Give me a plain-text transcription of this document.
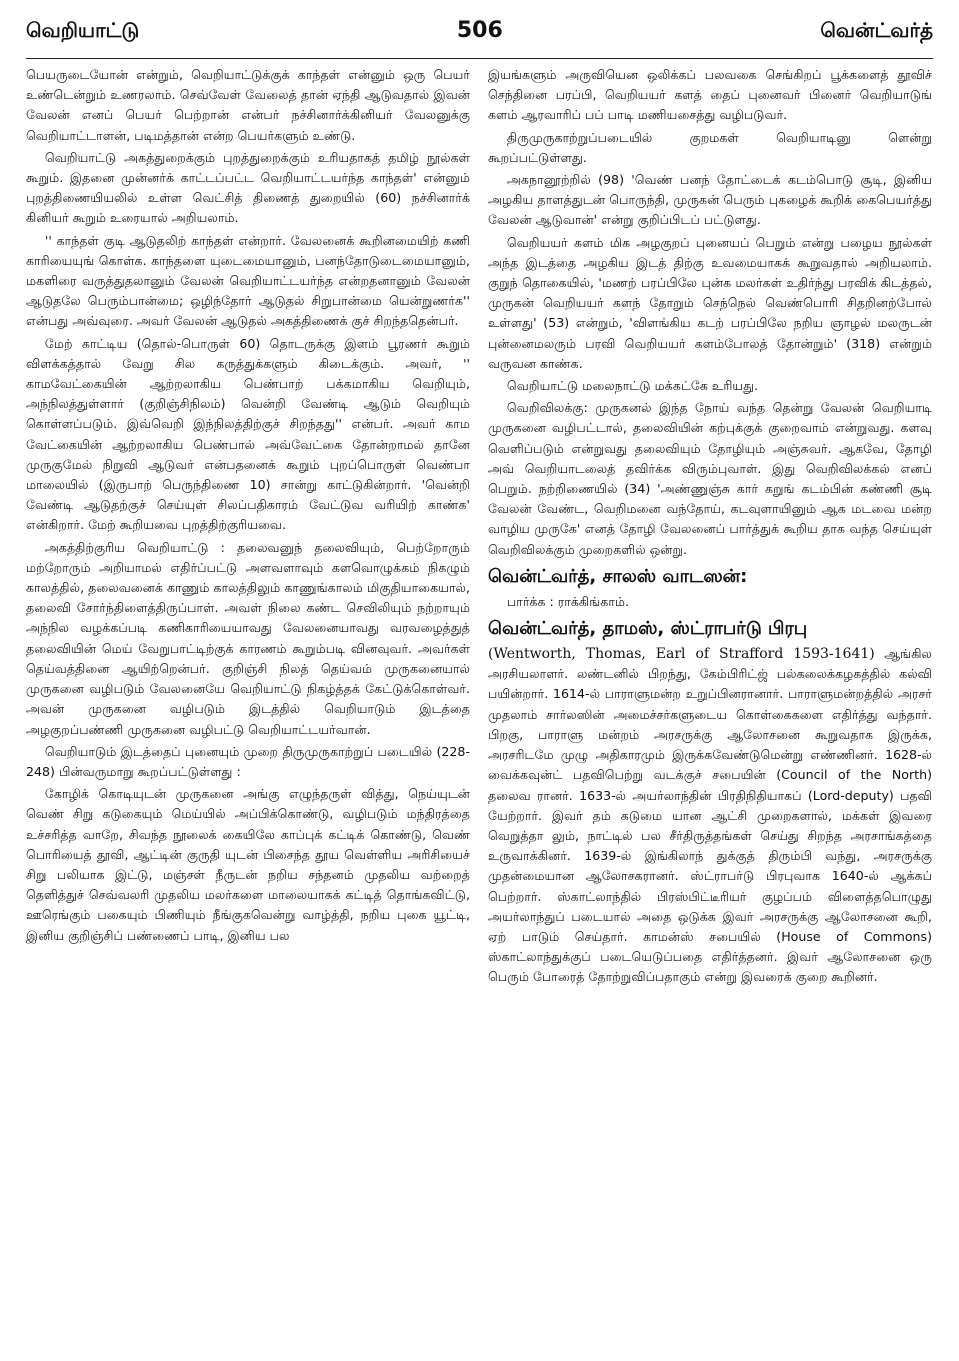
வெறியாட்டு	506	வென்ட்வர்த்

பெயருடையோன் என்றும், வெறியாட்டுக்குக் காந்தள் என்னும் ஒரு பெயர் உண்டென்றும் உணரலாம். செவ்வேள் வேலைத் தான் ஏந்தி ஆடுவதால் இவன் வேலன் எனப் பெயர் பெற்றான் என்பர் நச்சினார்க்கினியர் வேலனுக்கு வெறியாட்டாளன், படிமத்தான் என்ற பெயர்களும் உண்டு.

வெறியாட்டு அகத்துறைக்கும் புறத்துறைக்கும் உரியதாகத் தமிழ் நூல்கள் கூறும். இதனை முன்னர்க் காட்டப்பட்ட வெறியாட்டயர்ந்த காந்தள்' என்னும் புறத்திணையியலில் உள்ள வெட்சித் திணைத் துறையில் (60) நச்சினார்க் கினியர் கூறும் உரையால் அறியலாம்.

'' காந்தள் குடி ஆடுதலிற் காந்தள் என்றார். வேலனைக் கூறினமையிற் கணி காரியையுங் கொள்க. காந்தளை யுடைமையானும், பனந்தோடுடைமையானும், மகளிரை வருத்துதலானும் வேலன் வெறியாட்டயர்ந்த என்றதனானும் வேலன் ஆடுதலே பெரும்பான்மை; ஒழிந்தோர் ஆடுதல் சிறுபான்மை யென்றுணர்க'' என்பது அவ்வுரை. அவர் வேலன் ஆடுதல் அகத்திணைக் குச் சிறந்ததென்பர்.

மேற் காட்டிய (தொல்-பொருள் 60) தொடருக்கு இளம் பூரணர் கூறும் விளக்கத்தால் வேறு சில கருத்துக்களும் கிடைக்கும். அவர், '' காமவேட்கையின் ஆற்றலாகிய பெண்பாற் பக்கமாகிய வெறியும், அந்நிலத்துள்ளார் (குறிஞ்சிநிலம்) வென்றி வேண்டி ஆடும் வெறியும் கொள்ளப்படும். இவ்வெறி இந்நிலத்திற்குச் சிறந்தது'' என்பர். அவர் காம வேட்கையின் ஆற்றலாகிய பெண்பால் அவ்வேட்கை தோன்றாமல் தானே முருகுமேல் நிறுவி ஆடுவர் என்பதனைக் கூறும் புறப்பொருள் வெண்பா மாலையில் (இருபாற் பெருந்திணை 10) சான்று காட்டுகின்றார். 'வென்றி வேண்டி ஆடுதற்குச் செய்யுள் சிலப்பதிகாரம் வேட்டுவ வரியிற் காண்க' என்கிறார். மேற் கூறியவை புறத்திற்குரியவை.

அகத்திற்குரிய வெறியாட்டு : தலைவனுந் தலைவியும், பெற்றோரும் மற்றோரும் அறியாமல் எதிர்ப்பட்டு அளவளாவும் களவொழுக்கம் நிகழும் காலத்தில், தலைவனைக் காணும் காலத்திலும் காணுங்காலம் மிகுதியாகையால், தலைவி சோர்ந்திளைத்திருப்பாள். அவள் நிலை கண்ட செவிலியும் நற்றாயும் அந்நில வழக்கப்படி கணிகாரியையாவது வேலனையாவது வரவழைத்துத் தலைவியின் மெய் வேறுபாட்டிற்குக் காரணம் கூறும்படி வினவுவர். அவர்கள் தெய்வத்தினை ஆயிற்றென்பர். குறிஞ்சி நிலத் தெய்வம் முருகனையால் முருகனை வழிபடும் வேலனையே வெறியாட்டு நிகழ்த்தக் கேட்டுக்கொள்வர். அவன் முருகனை வழிபடும் இடத்தில் வெறியாடும் இடத்தை அழகுறப்பண்ணி முருகனை வழிபட்டு வெறியாட்டயர்வான்.

வெறியாடும் இடத்தைப் புனையும் முறை திருமுருகாற்றுப் படையில் (228-248) பின்வருமாறு கூறப்பட்டுள்ளது :

கோழிக் கொடியுடன் முருகனை அங்கு எழுந்தருள் வித்து, நெய்யுடன் வெண் சிறு கடுகையும் மெய்யில் அப்பிக்கொண்டு, வழிபடும் மந்திரத்தை உச்சரித்த வாறே, சிவந்த நூலைக் கையிலே காப்புக் கட்டிக் கொண்டு, வெண் பொரியைத் தூவி, ஆட்டின் குருதி யுடன் பிசைந்த தூய வெள்ளிய அரிசியைச் சிறு பலியாக இட்டு, மஞ்சள் நீருடன் நறிய சந்தனம் முதலிய வற்றைத் தெளித்துச் செவ்வலரி முதலிய மலர்களை மாலையாகக் கட்டித் தொங்கவிட்டு, ஊரெங்கும் பகையும் பிணியும் நீங்குகவென்று வாழ்த்தி, நறிய புகை யூட்டி, இனிய குறிஞ்சிப் பண்ணைப் பாடி, இனிய பல

இயங்களும் அருவியென ஒலிக்கப் பலவகை செங்கிறப் பூக்களைத் தூவிச் செந்தினை பரப்பி, வெறியயர் களத் தைப் புனைவர் பினைர் வெறியாடுங் களம் ஆரவாரிப் பப் பாடி மணியசைத்து வழிபடுவர்.

திருமுருகாற்றுப்படையில் குறமகள் வெறியாடினு ளென்று கூறப்பட்டுள்ளது.

அகநானூற்றில் (98) 'வெண் பனந் தோட்டைக் கடம்பொடு சூடி, இனிய அழகிய தாளத்துடன் பொருந்தி, முருகன் பெரும் புகழைக் கூறிக் கைபெயர்த்து வேலன் ஆடுவான்' என்று குறிப்பிடப் பட்டுளது.

வெறியயர் களம் மிக அழகுறப் புனையப் பெறும் என்று பழைய நூல்கள் அந்த இடத்தை அழகிய இடத் திற்கு உவமையாகக் கூறுவதால் அறியலாம். குறுந் தொகையில், 'மணற் பரப்பிலே புன்க மலர்கள் உதிர்ந்து பரவிக் கிடத்தல், முருகன் வெறியயர் களந் தோறும் செந்நெல் வெண்பொரி சிதறினற்போல் உள்ளது' (53) என்றும், 'விளங்கிய கடற் பரப்பிலே நறிய ஞாழல் மலருடன் புன்னைமலரும் பரவி வெறியயர் களம்போலத் தோன்றும்' (318) என்றும் வருவன காண்க.

வெறியாட்டு மலைநாட்டு மக்கட்கே உரியது.

வெறிவிலக்கு: முருகனல் இந்த நோய் வந்த தென்று வேலன் வெறியாடி முருகனை வழிபட்டால், தலைவியின் கற்புக்குக் குறைவாம் என்றுவது. களவு வெளிப்படும் என்றுவது தலைவியும் தோழியும் அஞ்சுவர். ஆகவே, தோழி அவ் வெறியாடலைத் தவிர்க்க விரும்புவாள். இது வெறிவிலக்கல் எனப் பெறும். நற்றிணையில் (34) 'அண்ணுஞ்சு கார் கறுங் கடம்பின் கண்ணி சூடி வேலன் வேண்ட, வெறிமனை வந்தோய், கடவுளாயினும் ஆக மடவை மன்ற வாழிய முருகே' எனத் தோழி வேலனைப் பார்த்துக் கூறிய தாக வந்த செய்யுள் வெறிவிலக்கும் முறைகளில் ஒன்று.

வென்ட்வர்த், சாலஸ் வாடஸன்:

பார்க்க : ராக்கிங்காம்.

வென்ட்வர்த், தாமஸ், ஸ்ட்ராபர்டு பிரபு

(Wentworth, Thomas, Earl of Strafford 1593-1641) ஆங்கில அரசியலாளர். லண்டனில் பிறந்து, கேம்பிரிட்ஜ் பல்கலைக்கழகத்தில் கல்வி பயின்றார். 1614-ல் பாராளுமன்ற உறுப்பினரானார். பாராளுமன்றத்தில் அரசர் முதலாம் சார்லஸின் அமைச்சர்களுடைய கொள்கைகளை எதிர்த்து வந்தார். பிறகு, பாராளு மன்றம் அரசருக்கு ஆலோசனை கூறுவதாக இருக்க, அரசரிடமே முழு அதிகாரமும் இருக்கவேண்டுமென்று எண்ணினர். 1628-ல் வைக்கவுன்ட் பதவிபெற்று வடக்குச் சபையின் (Council of the North) தலைவ ரானர். 1633-ல் அயர்லாந்தின் பிரதிநிதியாகப் (Lord-deputy) பதவி யேற்றார். இவர் தம் கடுமை யான ஆட்சி முறைகளால், மக்கள் இவரை வெறுத்தா லும், நாட்டில் பல சீர்திருத்தங்கள் செய்து சிறந்த அரசாங்கத்தை உருவாக்கினர். 1639-ல் இங்கிலாந் துக்குத் திரும்பி வந்து, அரசருக்கு முதன்மையான ஆலோசகரானர். ஸ்ட்ராபர்டு பிரபுவாக 1640-ல் ஆக்கப் பெற்றார். ஸ்காட்லாந்தில் பிரஸ்பிட்டீரியர் குழப்பம் விளைத்தபொழுது அயர்லாந்துப் படையால் அதை ஒடுக்க இவர் அரசருக்கு ஆலோசனை கூறி, ஏற் பாடும் செய்தார். காமன்ஸ் சபையில் (House of Commons) ஸ்காட்லாந்துக்குப் படையெடுப்பதை எதிர்த்தனர். இவர் ஆலோசனை ஒரு பெரும் போரைத் தோற்றுவிப்பதாகும் என்று இவரைக் குறை கூறினர்.
